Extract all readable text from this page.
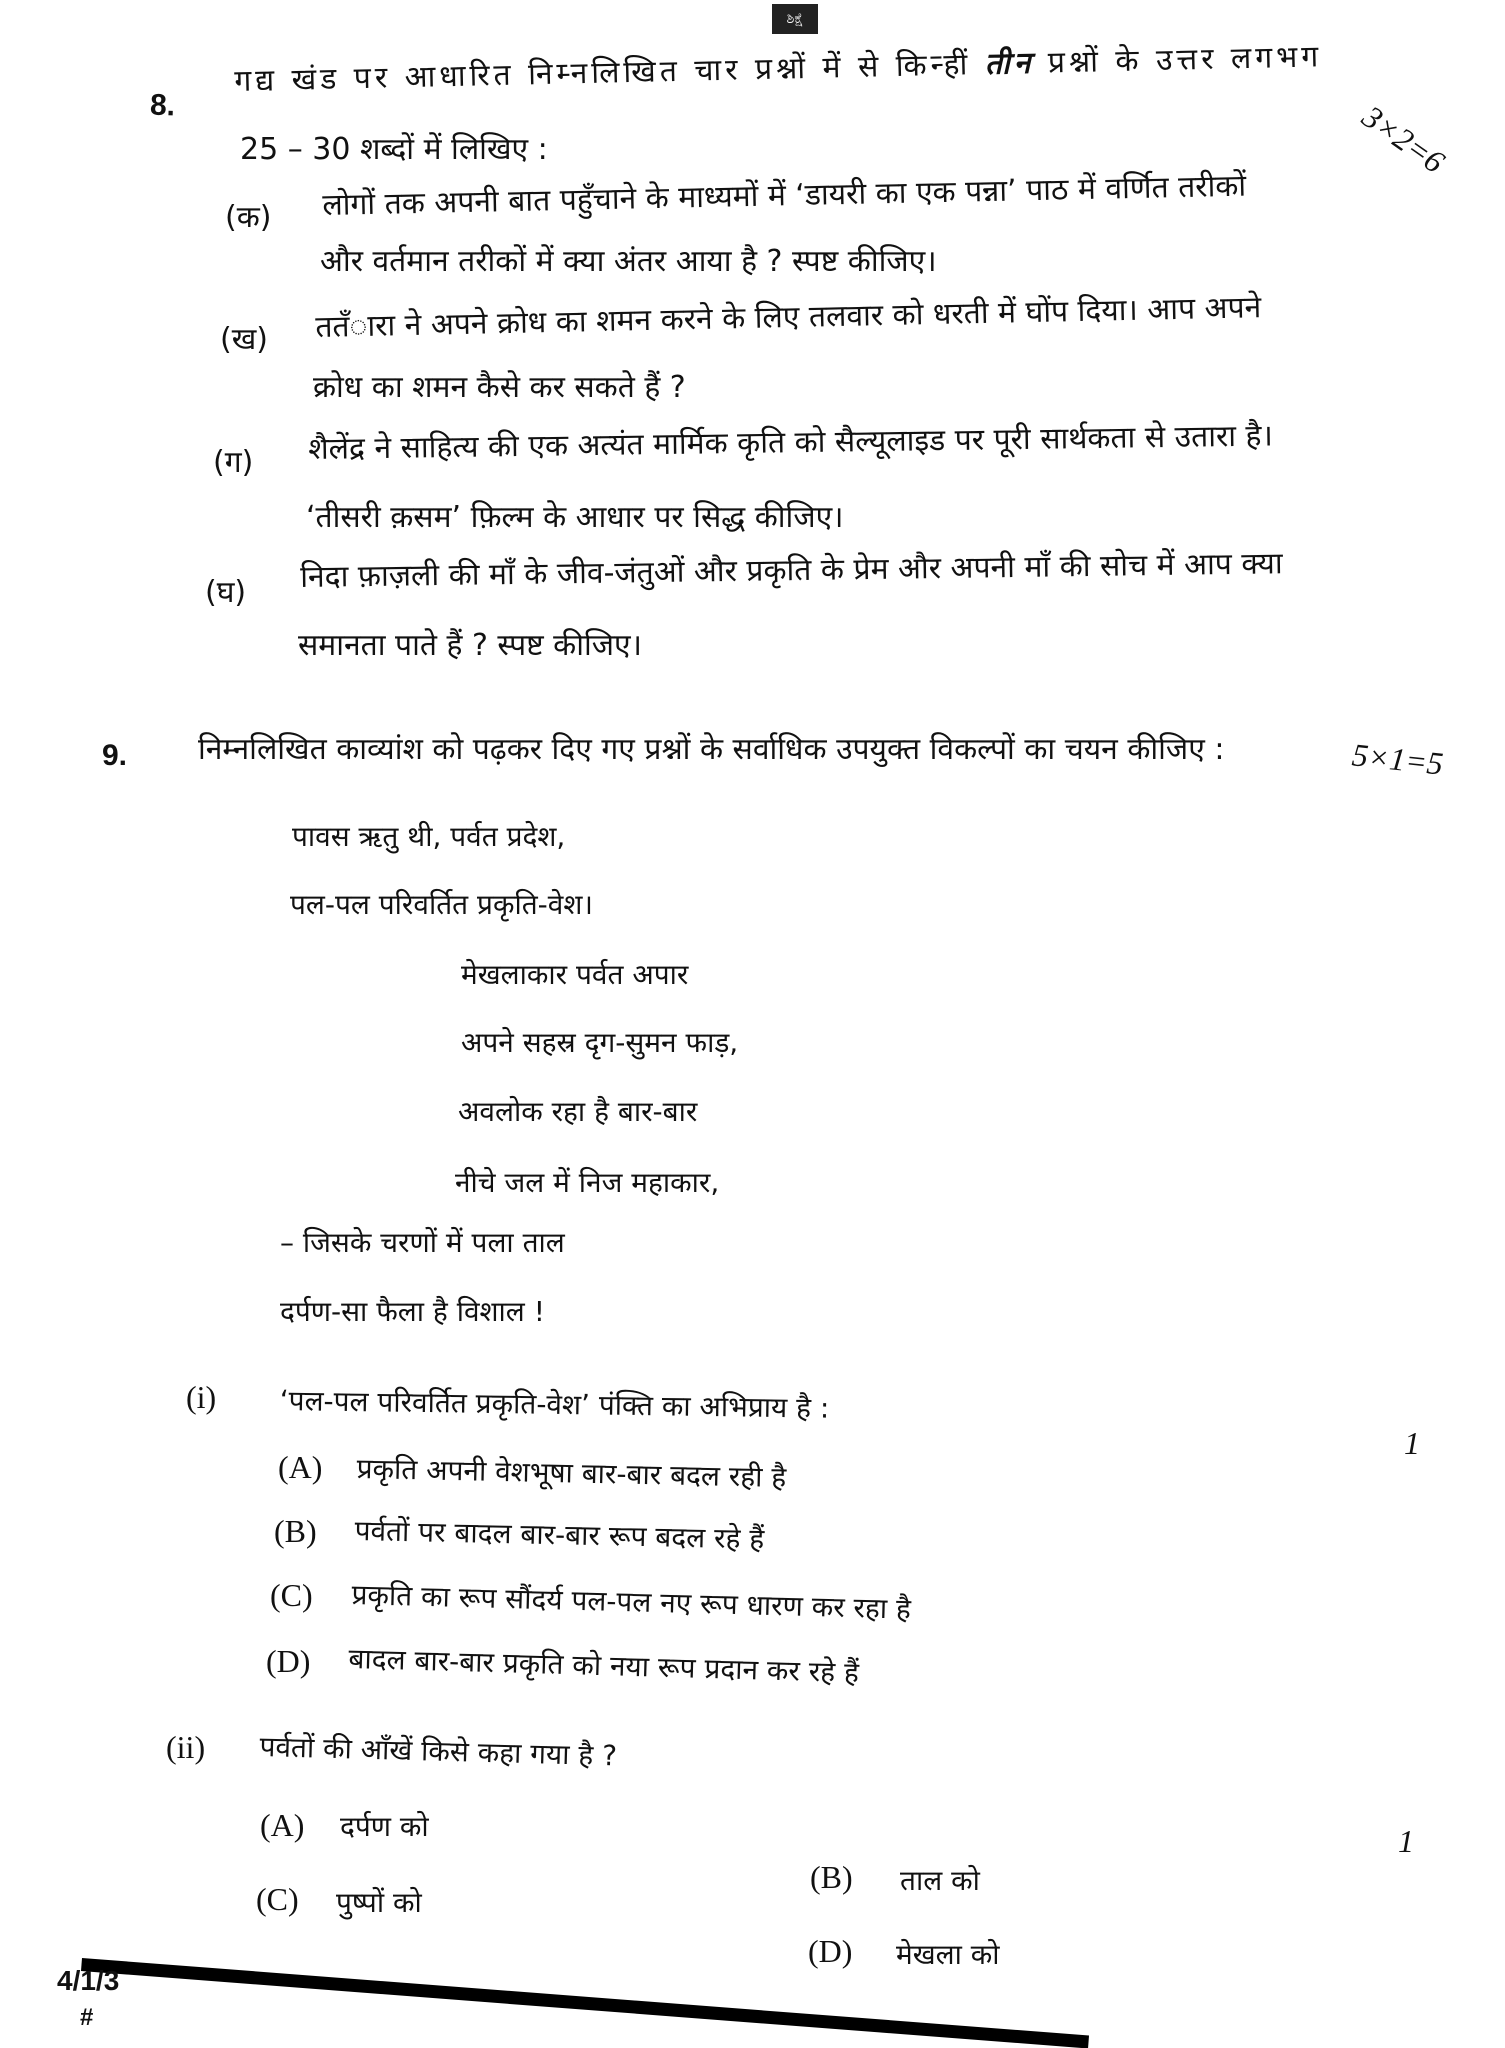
ಶಿಕ್ಷೆ
8.
गद्य खंड पर आधारित निम्नलिखित चार प्रश्नों में से किन्हीं तीन प्रश्नों के उत्तर लगभग
25 – 30 शब्दों में लिखिए :	3×2=6
(क) लोगों तक अपनी बात पहुँचाने के माध्यमों में ‘डायरी का एक पन्ना’ पाठ में वर्णित तरीकों
और वर्तमान तरीकों में क्या अंतर आया है ? स्पष्ट कीजिए।
(ख) ततँारा ने अपने क्रोध का शमन करने के लिए तलवार को धरती में घोंप दिया। आप अपने
क्रोध का शमन कैसे कर सकते हैं ?
(ग) शैलेंद्र ने साहित्य की एक अत्यंत मार्मिक कृति को सैल्यूलाइड पर पूरी सार्थकता से उतारा है।
‘तीसरी क़सम’ फ़िल्म के आधार पर सिद्ध कीजिए।
(घ) निदा फ़ाज़ली की माँ के जीव-जंतुओं और प्रकृति के प्रेम और अपनी माँ की सोच में आप क्या
समानता पाते हैं ? स्पष्ट कीजिए।
9. निम्नलिखित काव्यांश को पढ़कर दिए गए प्रश्नों के सर्वाधिक उपयुक्त विकल्पों का चयन कीजिए :	5×1=5
पावस ऋतु थी, पर्वत प्रदेश,
पल-पल परिवर्तित प्रकृति-वेश।
मेखलाकार पर्वत अपार
अपने सहस्र दृग-सुमन फाड़,
अवलोक रहा है बार-बार
नीचे जल में निज महाकार,
– जिसके चरणों में पला ताल
दर्पण-सा फैला है विशाल !
(i) ‘पल-पल परिवर्तित प्रकृति-वेश’ पंक्ति का अभिप्राय है :
1
(A) प्रकृति अपनी वेशभूषा बार-बार बदल रही है
(B) पर्वतों पर बादल बार-बार रूप बदल रहे हैं
(C) प्रकृति का रूप सौंदर्य पल-पल नए रूप धारण कर रहा है
(D) बादल बार-बार प्रकृति को नया रूप प्रदान कर रहे हैं
(ii) पर्वतों की आँखें किसे कहा गया है ?
1
(A) दर्पण को
(B) ताल को
(C) पुष्पों को
(D) मेखला को
4/1/3
#
